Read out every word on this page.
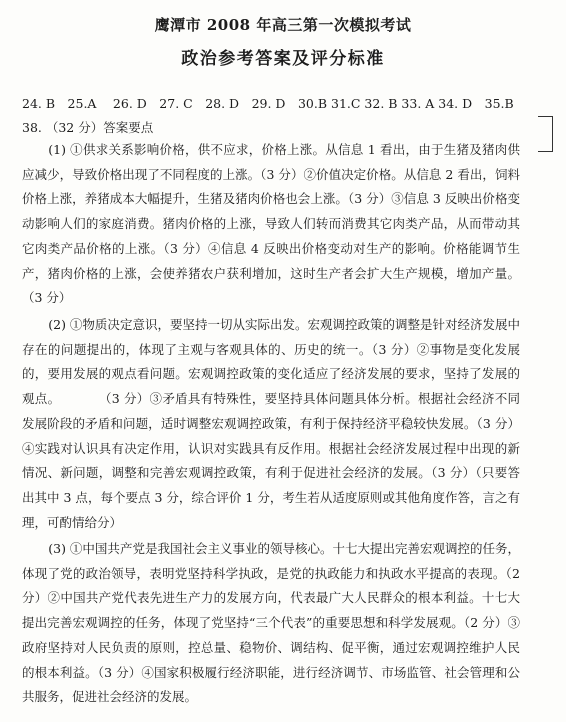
鹰潭市 2008 年高三第一次模拟考试
政治参考答案及评分标准
24. B　25.A　 26. D　27. C　28. D　29. D　30.B 31.C 32. B 33. A 34. D　35.B
38. （32 分）答案要点

(1) ①供求关系影响价格，供不应求，价格上涨。从信息 1 看出，由于生猪及猪肉供应减少，导致价格出现了不同程度的上涨。（3 分）②价值决定价格。从信息 2 看出，饲料价格上涨，养猪成本大幅提升，生猪及猪肉价格也会上涨。（3 分）③信息 3 反映出价格变动影响人们的家庭消费。猪肉价格的上涨，导致人们转而消费其它肉类产品，从而带动其它肉类产品价格的上涨。（3 分）④信息 4 反映出价格变动对生产的影响。价格能调节生产，猪肉价格的上涨，会使养猪农户获利增加，这时生产者会扩大生产规模，增加产量。（3 分）

(2) ①物质决定意识，要坚持一切从实际出发。宏观调控政策的调整是针对经济发展中存在的问题提出的，体现了主观与客观具体的、历史的统一。（3 分）②事物是变化发展的，要用发展的观点看问题。宏观调控政策的变化适应了经济发展的要求，坚持了发展的观点。　　　　（3 分）③矛盾具有特殊性，要坚持具体问题具体分析。根据社会经济不同发展阶段的矛盾和问题，适时调整宏观调控政策，有利于保持经济平稳较快发展。（3 分）④实践对认识具有决定作用，认识对实践具有反作用。根据社会经济发展过程中出现的新情况、新问题，调整和完善宏观调控政策，有利于促进社会经济的发展。（3 分）（只要答出其中 3 点，每个要点 3 分，综合评价 1 分，考生若从适度原则或其他角度作答，言之有理，可酌情给分）

(3) ①中国共产党是我国社会主义事业的领导核心。十七大提出完善宏观调控的任务，体现了党的政治领导，表明党坚持科学执政，是党的执政能力和执政水平提高的表现。（2 分）②中国共产党代表先进生产力的发展方向，代表最广大人民群众的根本利益。十七大提出完善宏观调控的任务，体现了党坚持“三个代表”的重要思想和科学发展观。（2 分）③政府坚持对人民负责的原则，控总量、稳物价、调结构、促平衡，通过宏观调控维护人民的根本利益。（3 分）④国家积极履行经济职能，进行经济调节、市场监管、社会管理和公共服务，促进社会经济的发展。
